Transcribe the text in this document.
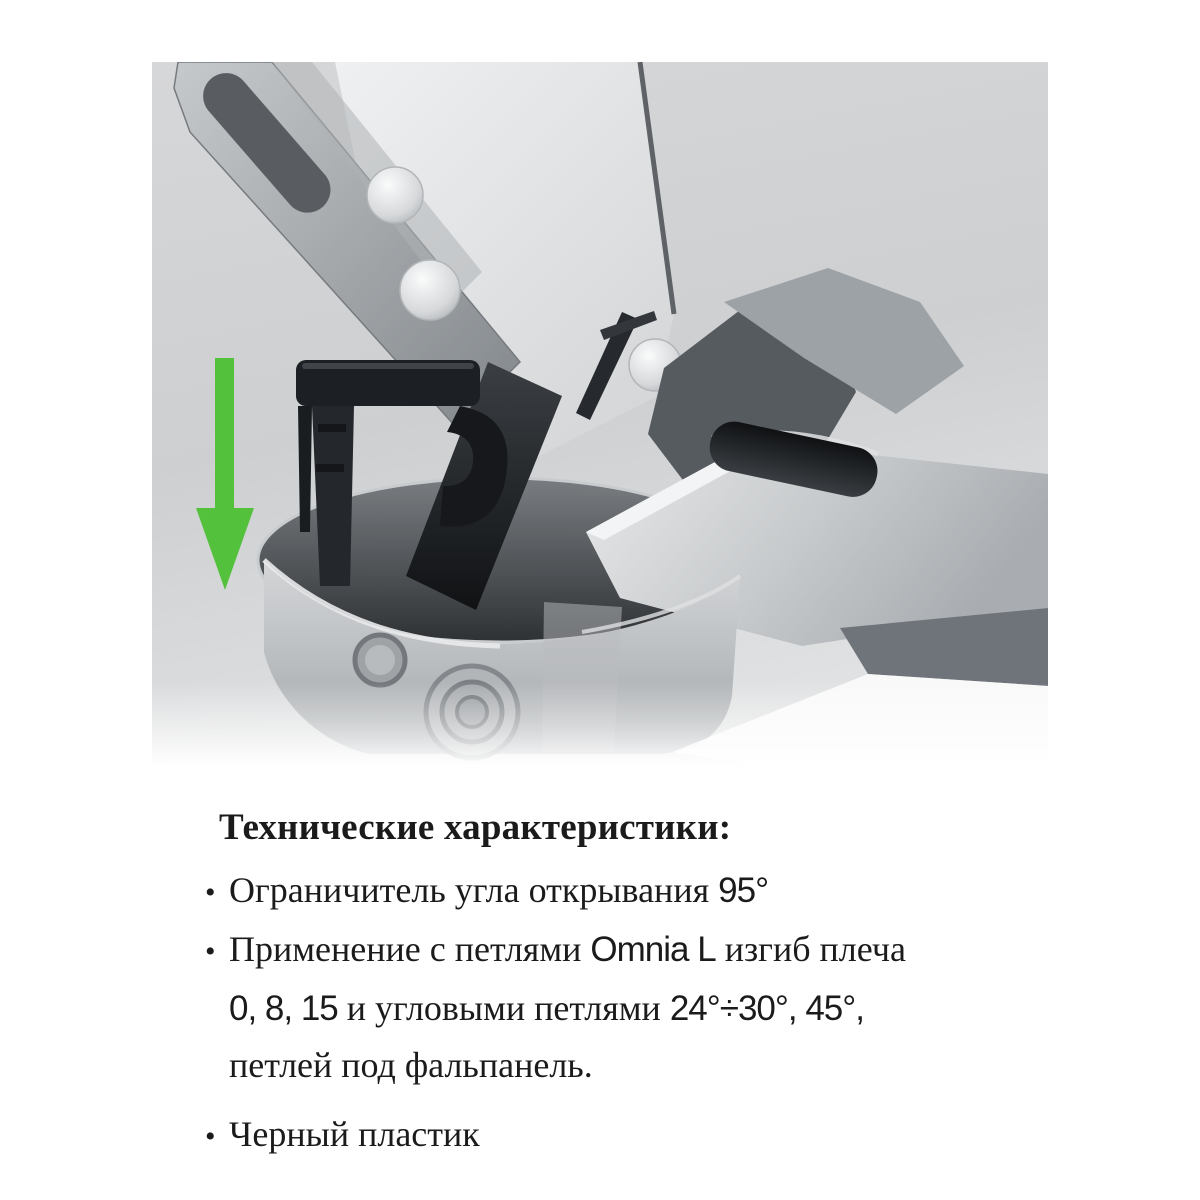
Технические характеристики:
• Ограничитель угла открывания 95°
• Применение с петлями Omnia L изгиб плеча
0, 8, 15 и угловыми петлями 24°÷30°, 45°,
петлей под фальпанель.
• Черный пластик
